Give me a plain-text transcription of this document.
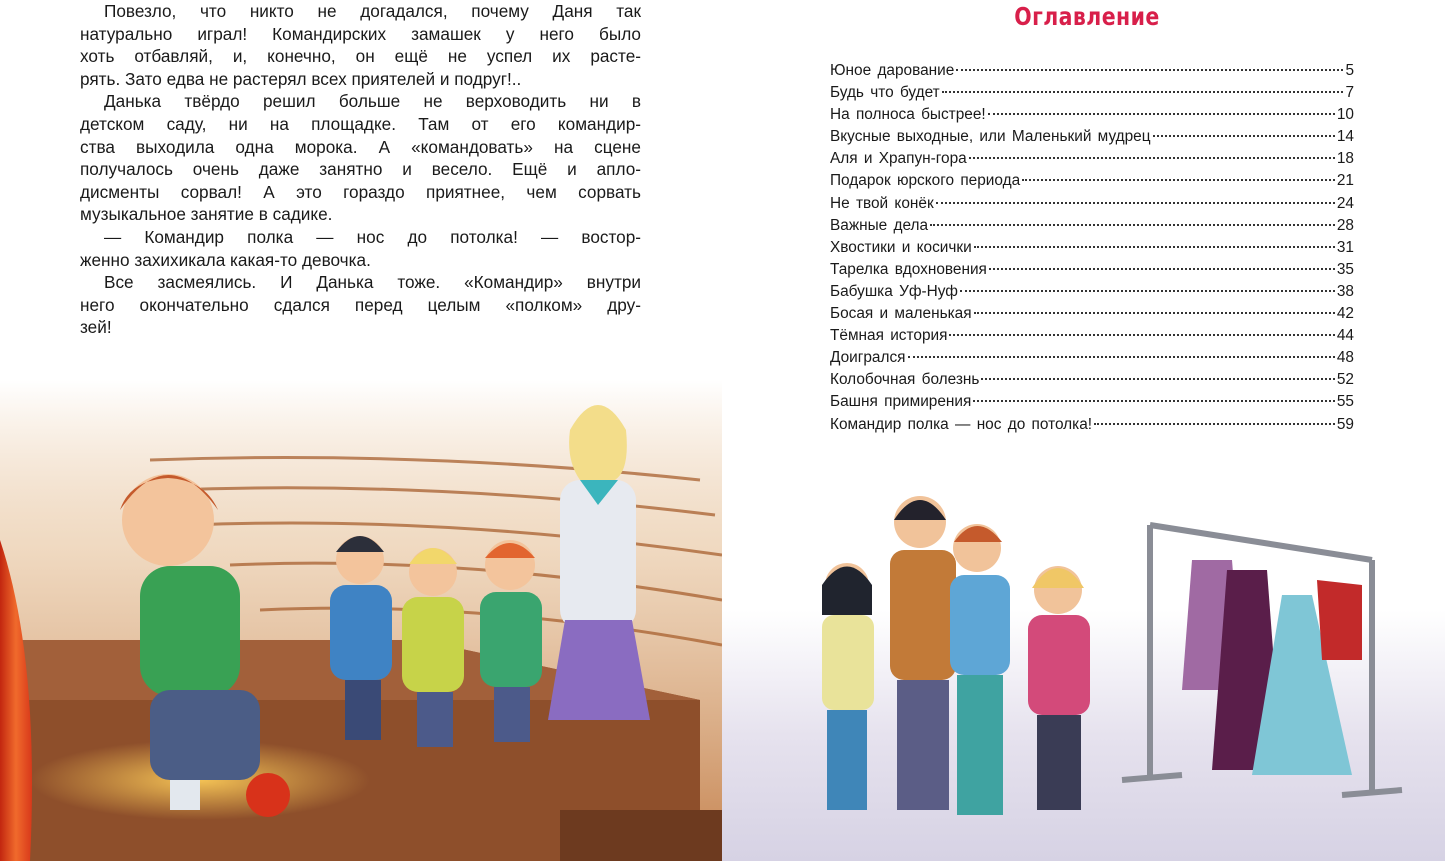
Повезло, что никто не догадался, почему Даня так
натурально играл! Командирских замашек у него было
хоть отбавляй, и, конечно, он ещё не успел их расте-
рять. Зато едва не растерял всех приятелей и подруг!..
Данька твёрдо решил больше не верховодить ни в
детском саду, ни на площадке. Там от его командир-
ства выходила одна морока. А «командовать» на сцене
получалось очень даже занятно и весело. Ещё и апло-
дисменты сорвал! А это гораздо приятнее, чем сорвать
музыкальное занятие в садике.
— Командир полка — нос до потолка! — востор-
женно захихикала какая-то девочка.
Все засмеялись. И Данька тоже. «Командир» внутри
него окончательно сдался перед целым «полком» дру-
зей!
Оглавление
Юное дарование	5
Будь что будет	7
На полноса быстрее!	10
Вкусные выходные, или Маленький мудрец	14
Аля и Храпун-гора	18
Подарок юрского периода	21
Не твой конёк	24
Важные дела	28
Хвостики и косички	31
Тарелка вдохновения	35
Бабушка Уф-Нуф	38
Босая и маленькая	42
Тёмная история	44
Доигрался	48
Колобочная болезнь	52
Башня примирения	55
Командир полка — нос до потолка!	59
